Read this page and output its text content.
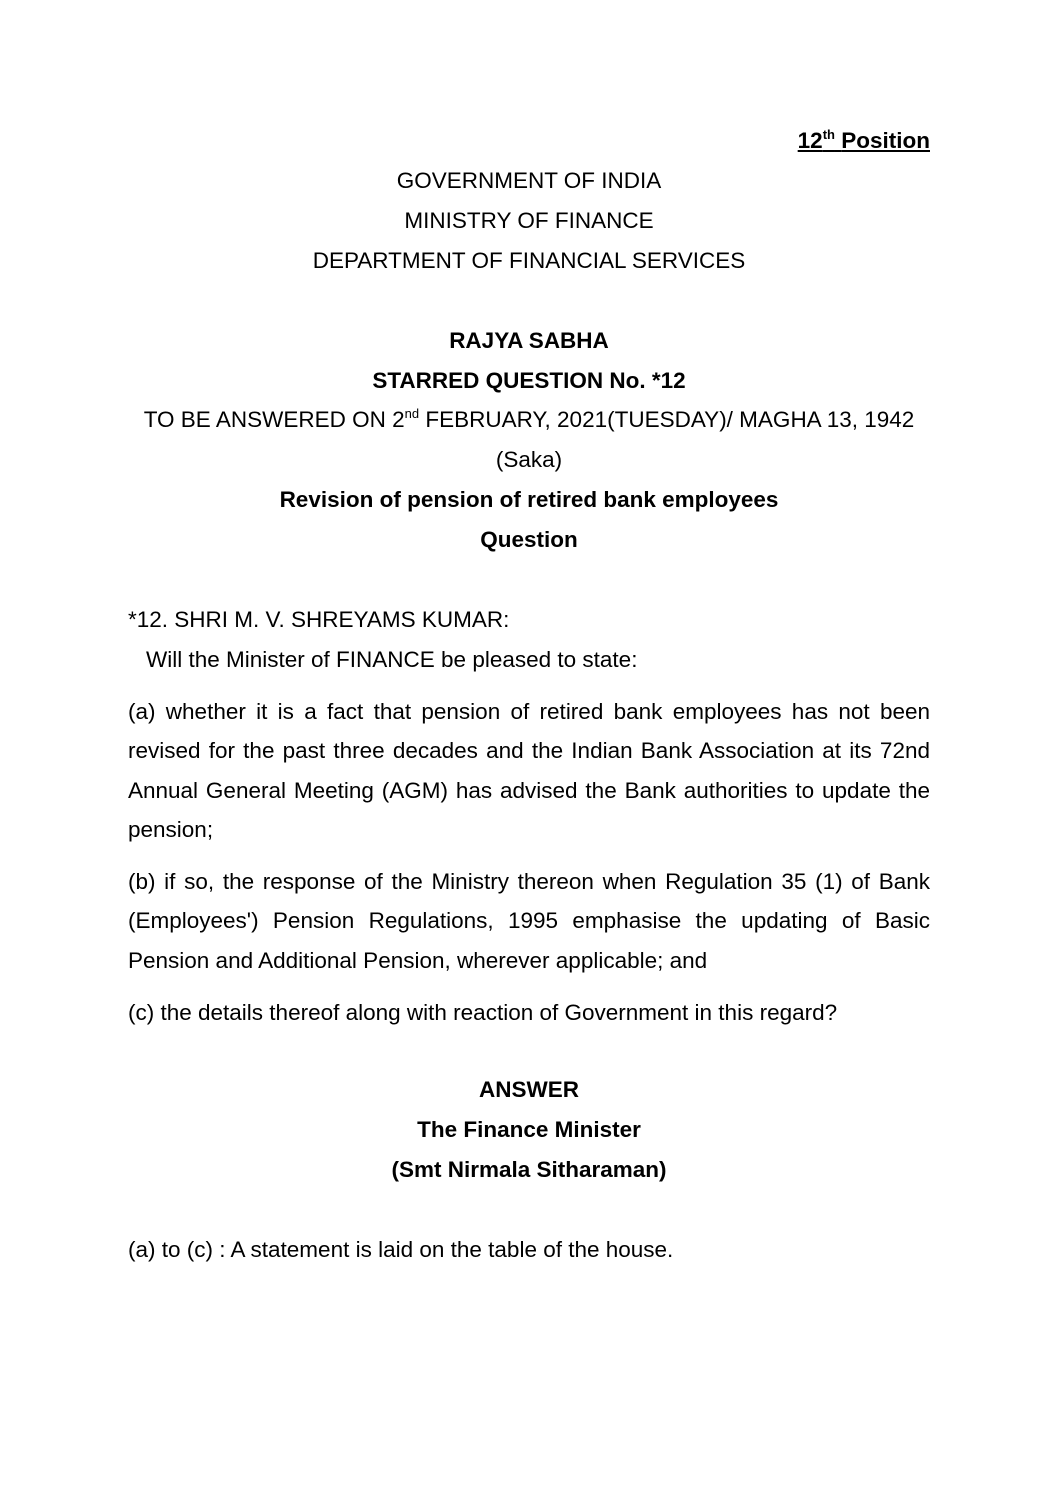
12th Position
GOVERNMENT OF INDIA
MINISTRY OF FINANCE
DEPARTMENT OF FINANCIAL SERVICES
RAJYA SABHA
STARRED QUESTION No. *12
TO BE ANSWERED ON 2nd FEBRUARY, 2021(TUESDAY)/ MAGHA 13, 1942
(Saka)
Revision of pension of retired bank employees
Question
*12. SHRI M. V. SHREYAMS KUMAR:
Will the Minister of FINANCE be pleased to state:
(a) whether it is a fact that pension of retired bank employees has not been revised for the past three decades and the Indian Bank Association at its 72nd Annual General Meeting (AGM) has advised the Bank authorities to update the pension;
(b) if so, the response of the Ministry thereon when Regulation 35 (1) of Bank (Employees') Pension Regulations, 1995 emphasise the updating of Basic Pension and Additional Pension, wherever applicable; and
(c) the details thereof along with reaction of Government in this regard?
ANSWER
The Finance Minister
(Smt Nirmala Sitharaman)
(a) to (c) : A statement is laid on the table of the house.
